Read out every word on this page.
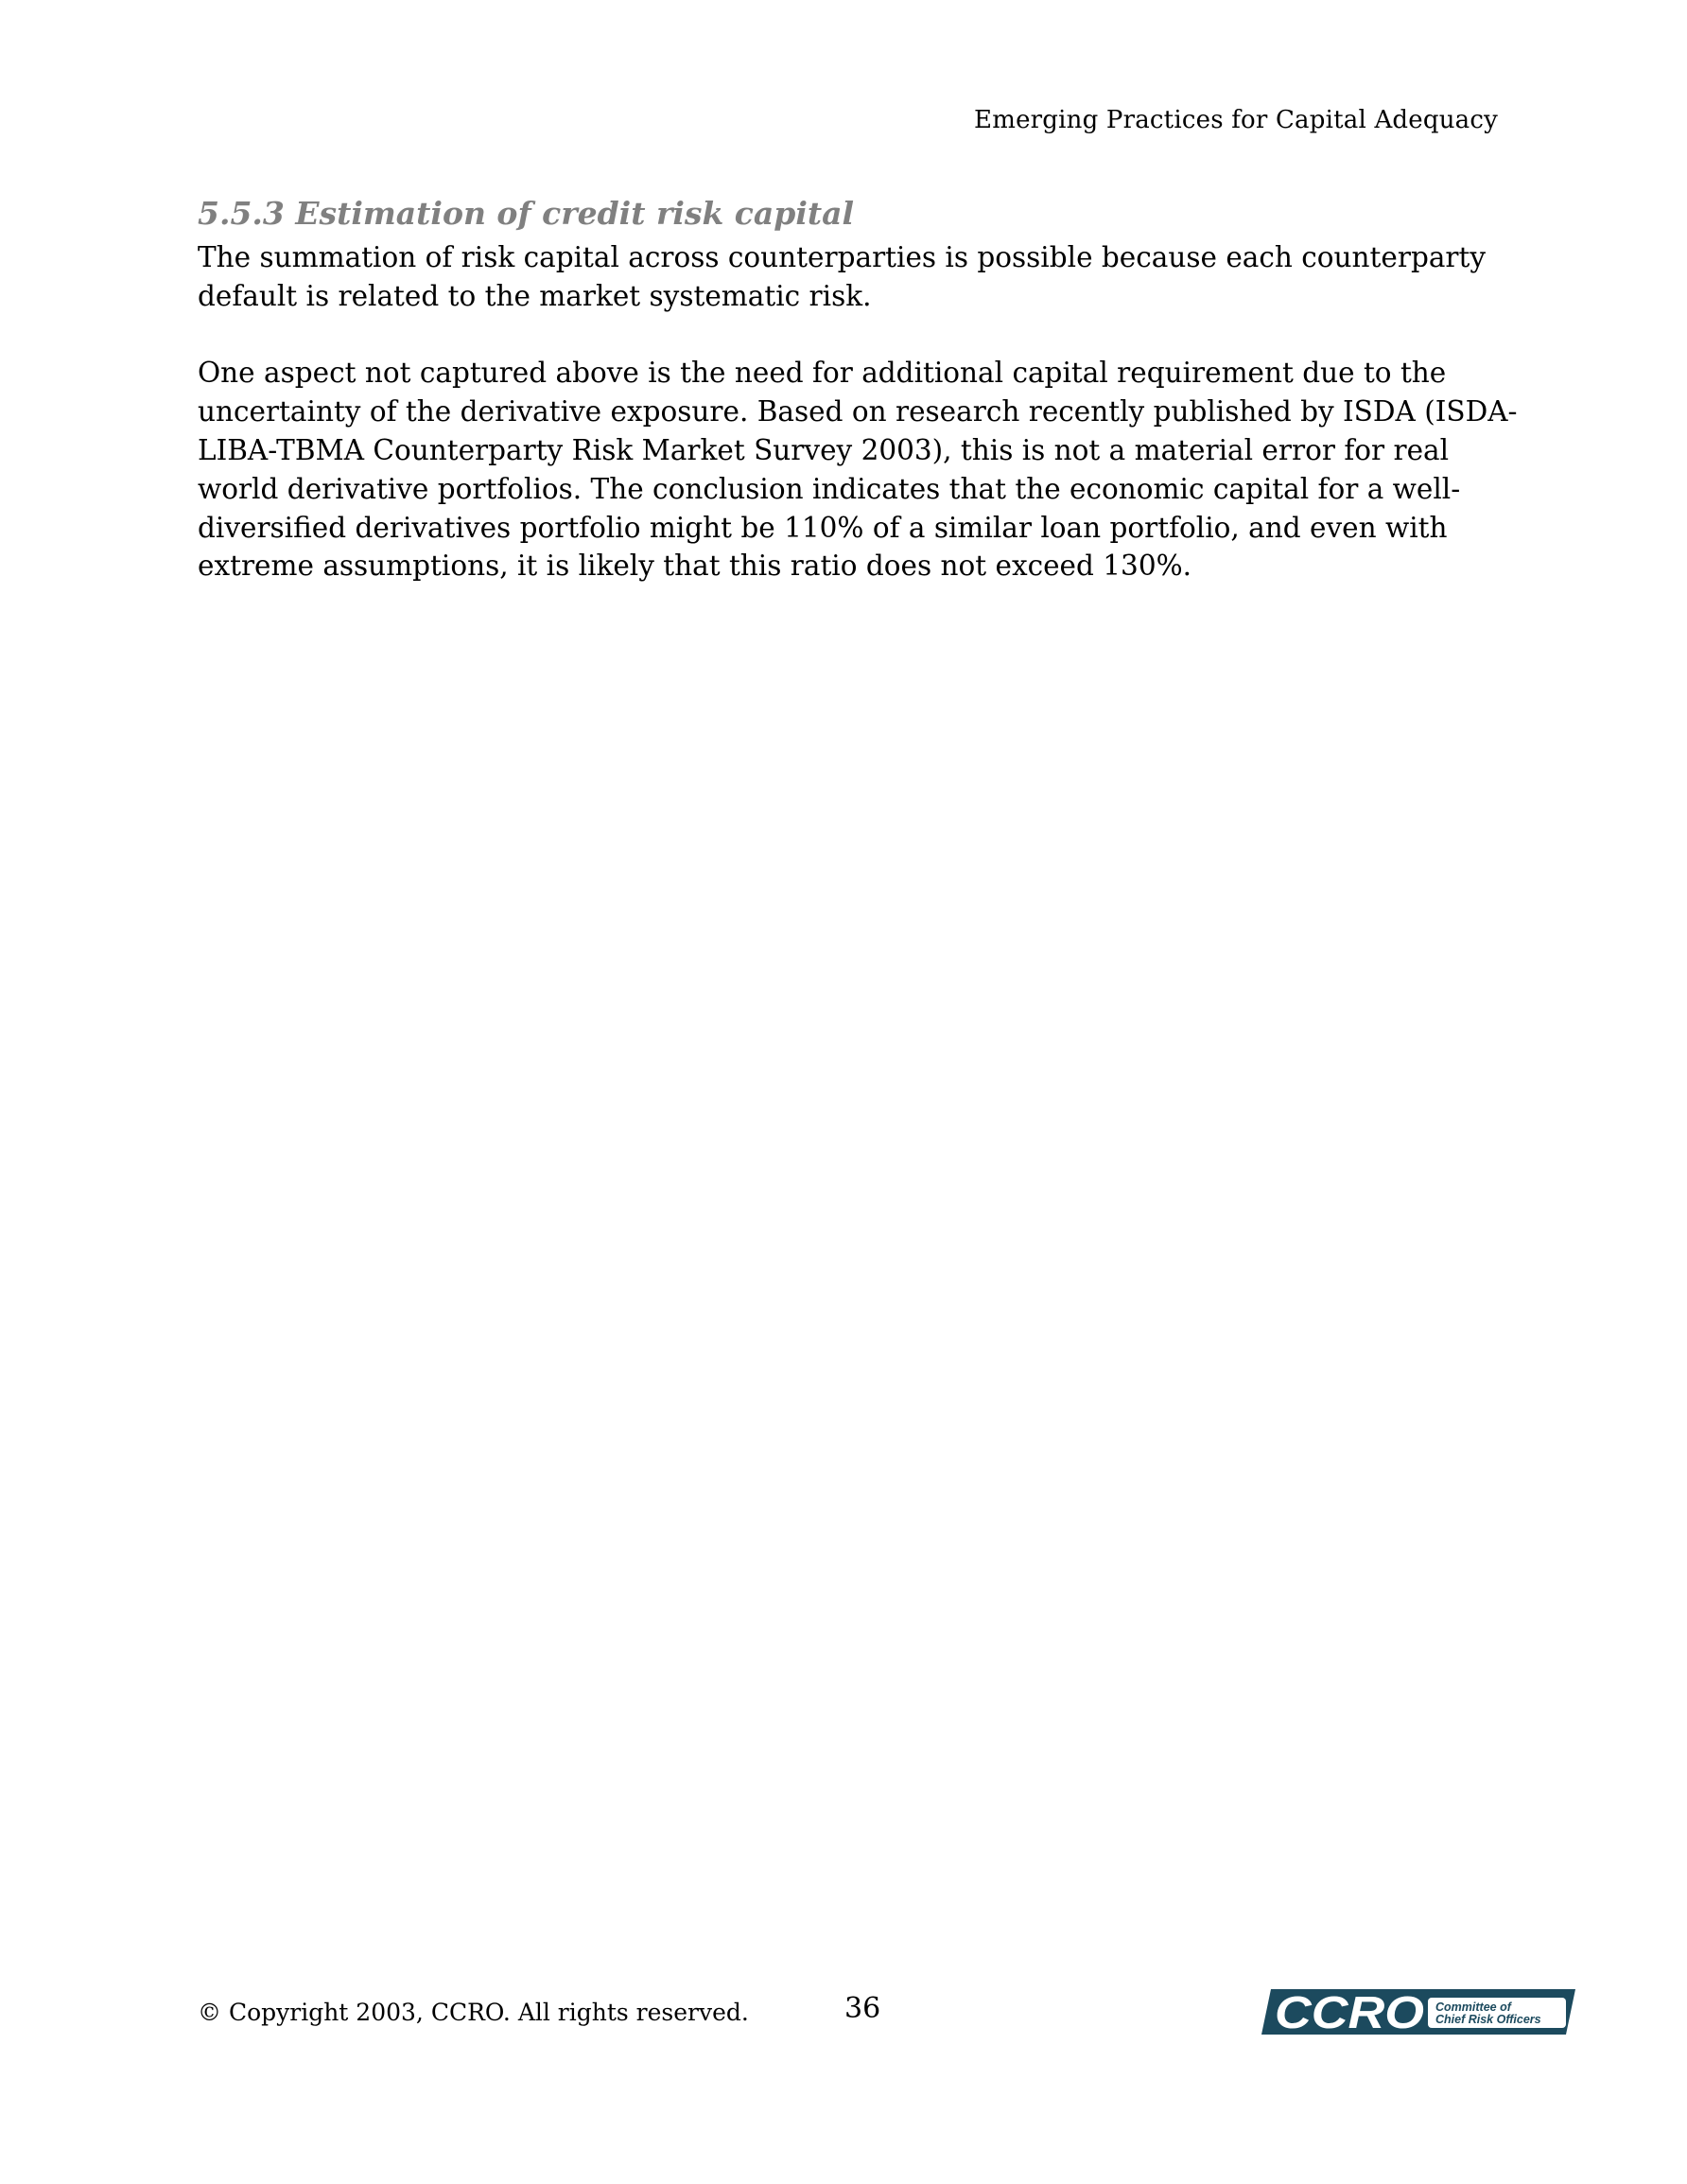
Emerging Practices for Capital Adequacy
5.5.3 Estimation of credit risk capital

The summation of risk capital across counterparties is possible because each counterparty default is related to the market systematic risk.

One aspect not captured above is the need for additional capital requirement due to the uncertainty of the derivative exposure. Based on research recently published by ISDA (ISDA-LIBA-TBMA Counterparty Risk Market Survey 2003), this is not a material error for real world derivative portfolios. The conclusion indicates that the economic capital for a well-diversified derivatives portfolio might be 110% of a similar loan portfolio, and even with extreme assumptions, it is likely that this ratio does not exceed 130%.

© Copyright 2003, CCRO. All rights reserved.	36	CCRO Committee of
Chief Risk Officers
